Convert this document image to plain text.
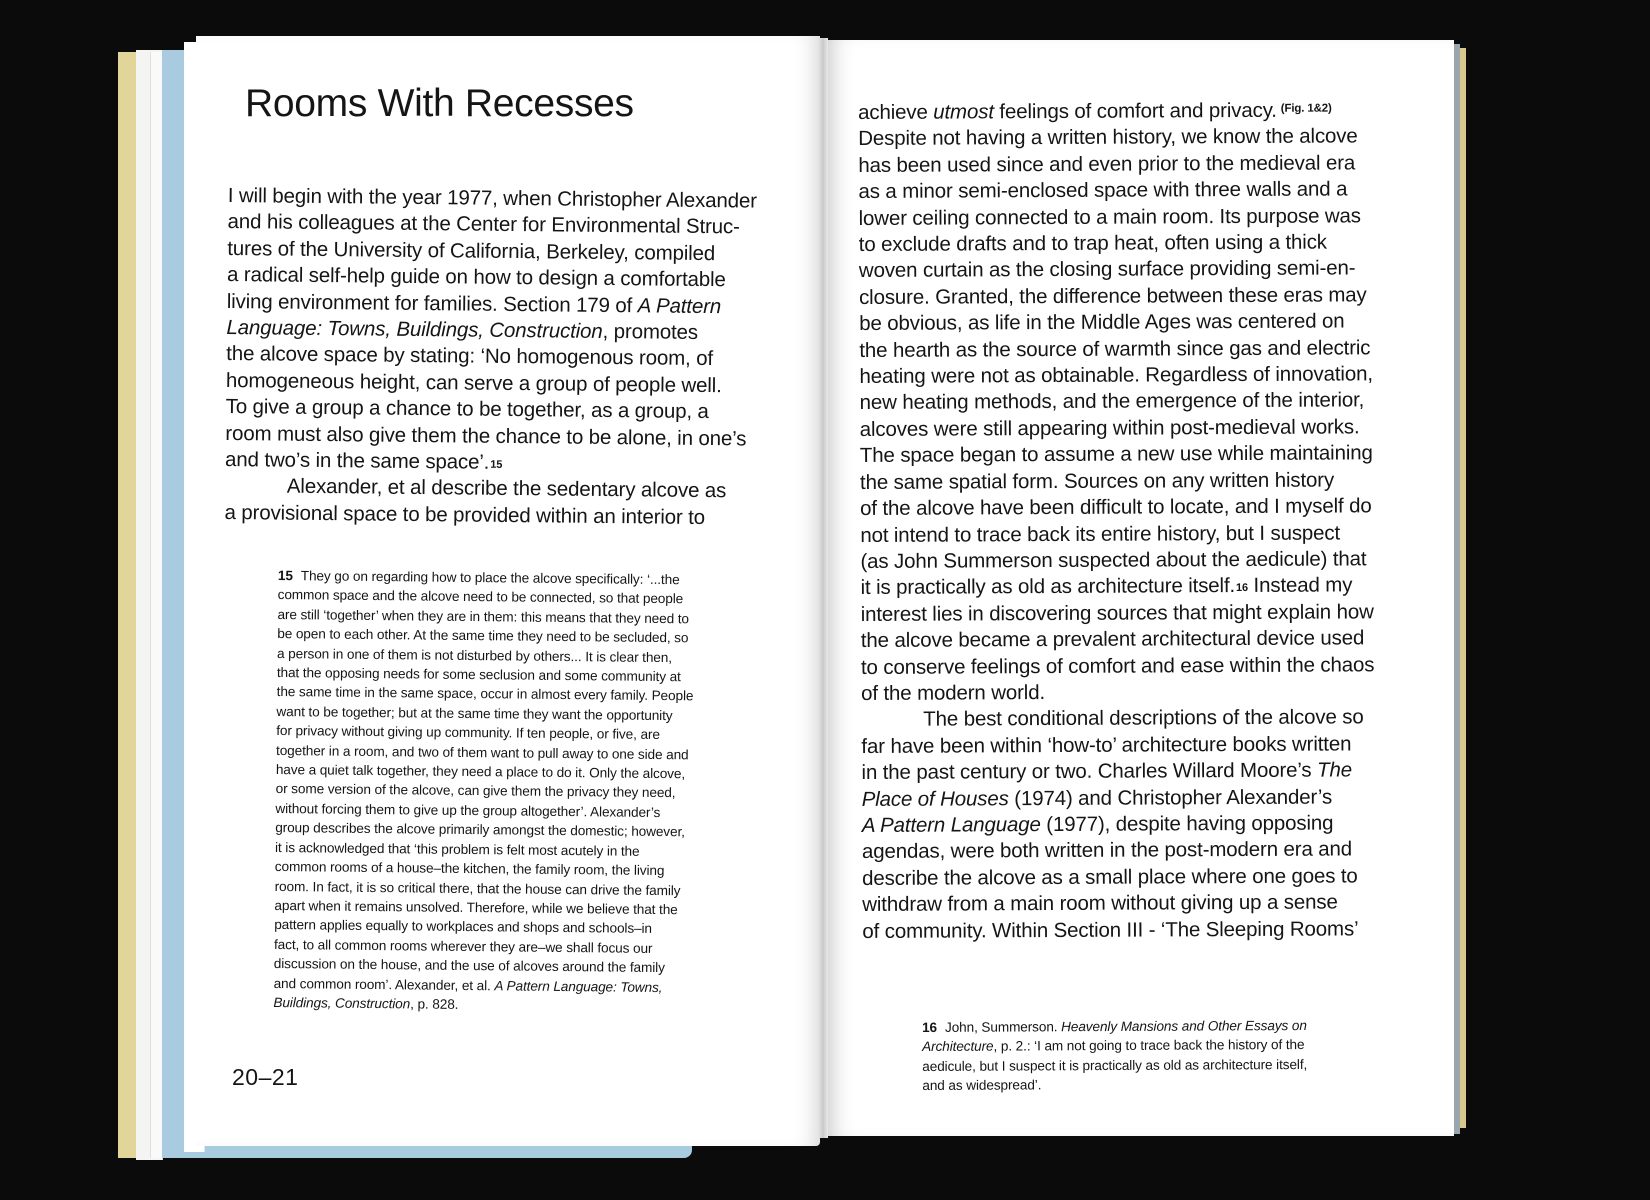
Rooms With Recesses
I will begin with the year 1977, when Christopher Alexander
and his colleagues at the Center for Environmental Struc-
tures of the University of California, Berkeley, compiled
a radical self-help guide on how to design a comfortable
living environment for families. Section 179 of A Pattern
Language: Towns, Buildings, Construction, promotes
the alcove space by stating: ‘No homogenous room, of
homogeneous height, can serve a group of people well.
To give a group a chance to be together, as a group, a
room must also give them the chance to be alone, in one’s
and two’s in the same space’.$^{15}$
Alexander, et al describe the sedentary alcove as
a provisional space to be provided within an interior to
15 They go on regarding how to place the alcove specifically: ‘...the
common space and the alcove need to be connected, so that people
are still ‘together’ when they are in them: this means that they need to
be open to each other. At the same time they need to be secluded, so
a person in one of them is not disturbed by others... It is clear then,
that the opposing needs for some seclusion and some community at
the same time in the same space, occur in almost every family. People
want to be together; but at the same time they want the opportunity
for privacy without giving up community. If ten people, or five, are
together in a room, and two of them want to pull away to one side and
have a quiet talk together, they need a place to do it. Only the alcove,
or some version of the alcove, can give them the privacy they need,
without forcing them to give up the group altogether’. Alexander’s
group describes the alcove primarily amongst the domestic; however,
it is acknowledged that ‘this problem is felt most acutely in the
common rooms of a house–the kitchen, the family room, the living
room. In fact, it is so critical there, that the house can drive the family
apart when it remains unsolved. Therefore, while we believe that the
pattern applies equally to workplaces and shops and schools–in
fact, to all common rooms wherever they are–we shall focus our
discussion on the house, and the use of alcoves around the family
and common room’. Alexander, et al. A Pattern Language: Towns,
Buildings, Construction, p. 828.
20–21
achieve utmost feelings of comfort and privacy. $^{(Fig. 1\&2)}$
Despite not having a written history, we know the alcove
has been used since and even prior to the medieval era
as a minor semi-enclosed space with three walls and a
lower ceiling connected to a main room. Its purpose was
to exclude drafts and to trap heat, often using a thick
woven curtain as the closing surface providing semi-en-
closure. Granted, the difference between these eras may
be obvious, as life in the Middle Ages was centered on
the hearth as the source of warmth since gas and electric
heating were not as obtainable. Regardless of innovation,
new heating methods, and the emergence of the interior,
alcoves were still appearing within post-medieval works.
The space began to assume a new use while maintaining
the same spatial form. Sources on any written history
of the alcove have been difficult to locate, and I myself do
not intend to trace back its entire history, but I suspect
(as John Summerson suspected about the aedicule) that
it is practically as old as architecture itself.$^{16}$ Instead my
interest lies in discovering sources that might explain how
the alcove became a prevalent architectural device used
to conserve feelings of comfort and ease within the chaos
of the modern world.
The best conditional descriptions of the alcove so
far have been within ‘how-to’ architecture books written
in the past century or two. Charles Willard Moore’s The
Place of Houses (1974) and Christopher Alexander’s
A Pattern Language (1977), despite having opposing
agendas, were both written in the post-modern era and
describe the alcove as a small place where one goes to
withdraw from a main room without giving up a sense
of community. Within Section III - ‘The Sleeping Rooms’
16 John, Summerson. Heavenly Mansions and Other Essays on
Architecture, p. 2.: ‘I am not going to trace back the history of the
aedicule, but I suspect it is practically as old as architecture itself,
and as widespread’.
